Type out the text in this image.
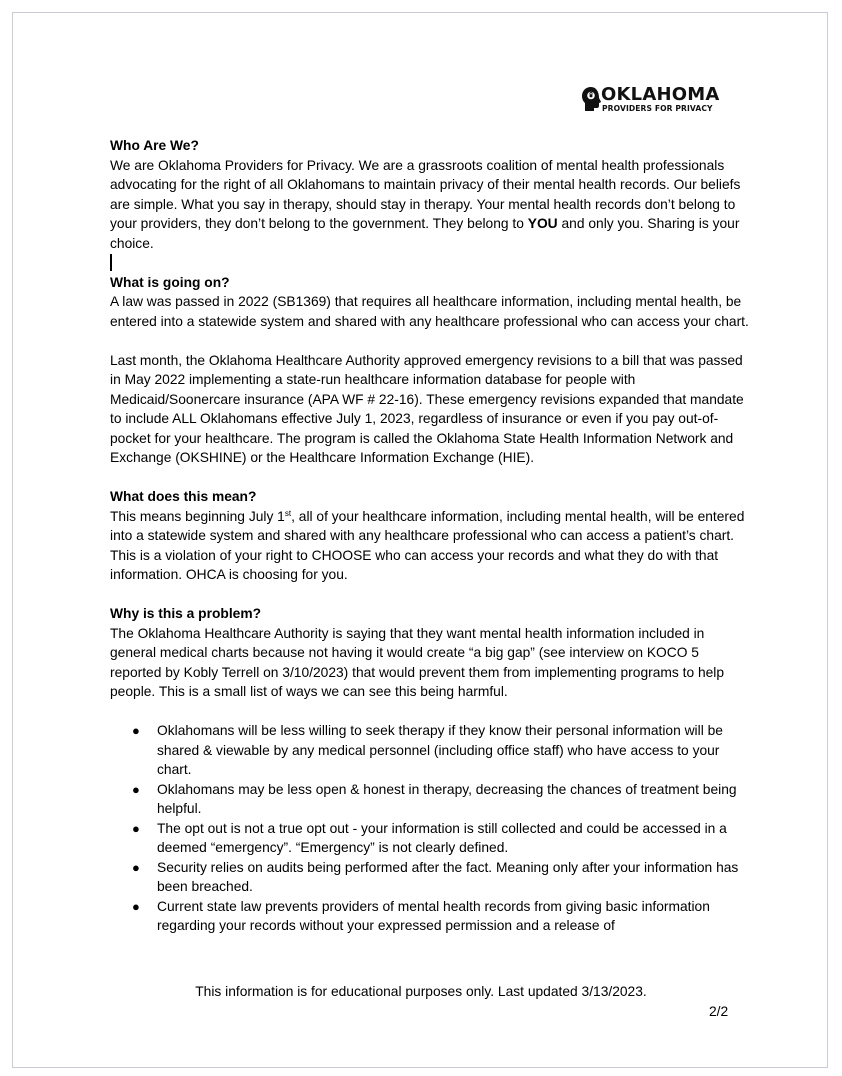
OKLAHOMA
PROVIDERS FOR PRIVACY

Who Are We?

We are Oklahoma Providers for Privacy. We are a grassroots coalition of mental health professionals advocating for the right of all Oklahomans to maintain privacy of their mental health records. Our beliefs are simple. What you say in therapy, should stay in therapy. Your mental health records don’t belong to your providers, they don’t belong to the government. They belong to YOU and only you. Sharing is your choice.

What is going on?

A law was passed in 2022 (SB1369) that requires all healthcare information, including mental health, be entered into a statewide system and shared with any healthcare professional who can access your chart.

Last month, the Oklahoma Healthcare Authority approved emergency revisions to a bill that was passed in May 2022 implementing a state-run healthcare information database for people with Medicaid/Soonercare insurance (APA WF # 22-16). These emergency revisions expanded that mandate to include ALL Oklahomans effective July 1, 2023, regardless of insurance or even if you pay out-of-pocket for your healthcare. The program is called the Oklahoma State Health Information Network and Exchange (OKSHINE) or the Healthcare Information Exchange (HIE).

What does this mean?

This means beginning July 1st, all of your healthcare information, including mental health, will be entered into a statewide system and shared with any healthcare professional who can access a patient’s chart. This is a violation of your right to CHOOSE who can access your records and what they do with that information. OHCA is choosing for you.

Why is this a problem?

The Oklahoma Healthcare Authority is saying that they want mental health information included in general medical charts because not having it would create “a big gap” (see interview on KOCO 5 reported by Kobly Terrell on 3/10/2023) that would prevent them from implementing programs to help people. This is a small list of ways we can see this being harmful.

● Oklahomans will be less willing to seek therapy if they know their personal information will be shared & viewable by any medical personnel (including office staff) who have access to your chart.
● Oklahomans may be less open & honest in therapy, decreasing the chances of treatment being helpful.
● The opt out is not a true opt out - your information is still collected and could be accessed in a deemed “emergency”. “Emergency” is not clearly defined.
● Security relies on audits being performed after the fact. Meaning only after your information has been breached.
● Current state law prevents providers of mental health records from giving basic information regarding your records without your expressed permission and a release of
This information is for educational purposes only. Last updated 3/13/2023.
2/2
